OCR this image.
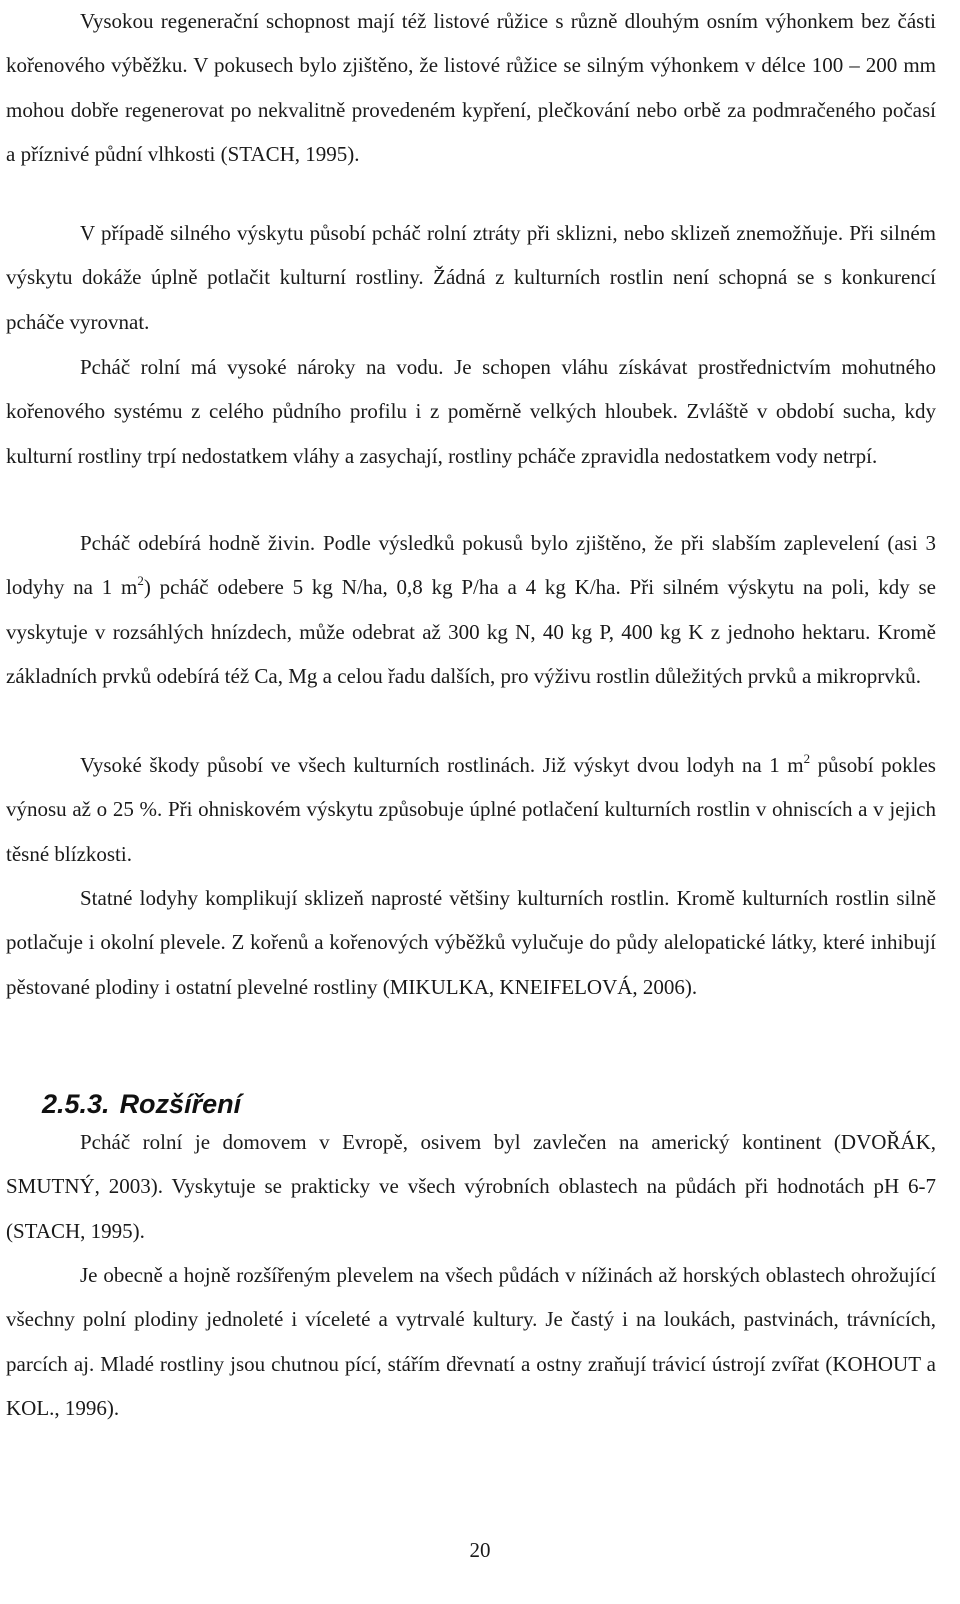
Vysokou regenerační schopnost mají též listové růžice s různě dlouhým osním výhonkem bez části kořenového výběžku. V pokusech bylo zjištěno, že listové růžice se silným výhonkem v délce 100 – 200 mm mohou dobře regenerovat po nekvalitně provedeném kypření, plečkování nebo orbě za podmračeného počasí a příznivé půdní vlhkosti (STACH, 1995).

V případě silného výskytu působí pcháč rolní ztráty při sklizni, nebo sklizeň znemožňuje. Při silném výskytu dokáže úplně potlačit kulturní rostliny. Žádná z kulturních rostlin není schopná se s konkurencí pcháče vyrovnat.

Pcháč rolní má vysoké nároky na vodu. Je schopen vláhu získávat prostřednictvím mohutného kořenového systému z celého půdního profilu i z poměrně velkých hloubek. Zvláště v období sucha, kdy kulturní rostliny trpí nedostatkem vláhy a zasychají, rostliny pcháče zpravidla nedostatkem vody netrpí.

Pcháč odebírá hodně živin. Podle výsledků pokusů bylo zjištěno, že při slabším zaplevelení (asi 3 lodyhy na 1 $m^2$) pcháč odebere 5 kg N/ha, 0,8 kg P/ha a 4 kg K/ha. Při silném výskytu na poli, kdy se vyskytuje v rozsáhlých hnízdech, může odebrat až 300 kg N, 40 kg P, 400 kg K z jednoho hektaru. Kromě základních prvků odebírá též Ca, Mg a celou řadu dalších, pro výživu rostlin důležitých prvků a mikroprvků.

Vysoké škody působí ve všech kulturních rostlinách. Již výskyt dvou lodyh na 1 $m^2$ působí pokles výnosu až o 25 %. Při ohniskovém výskytu způsobuje úplné potlačení kulturních rostlin v ohniscích a v jejich těsné blízkosti.

Statné lodyhy komplikují sklizeň naprosté většiny kulturních rostlin. Kromě kulturních rostlin silně potlačuje i okolní plevele. Z kořenů a kořenových výběžků vylučuje do půdy alelopatické látky, které inhibují pěstované plodiny i ostatní plevelné rostliny (MIKULKA, KNEIFELOVÁ, 2006).

Pcháč rolní je domovem v Evropě, osivem byl zavlečen na americký kontinent (DVOŘÁK, SMUTNÝ, 2003). Vyskytuje se prakticky ve všech výrobních oblastech na půdách při hodnotách pH 6-7 (STACH, 1995).

Je obecně a hojně rozšířeným plevelem na všech půdách v nížinách až horských oblastech ohrožující všechny polní plodiny jednoleté i víceleté a vytrvalé kultury. Je častý i na loukách, pastvinách, trávnících, parcích aj. Mladé rostliny jsou chutnou pící, stářím dřevnatí a ostny zraňují trávicí ústrojí zvířat (KOHOUT a KOL., 1996).

2.5.3. Rozšíření
20
